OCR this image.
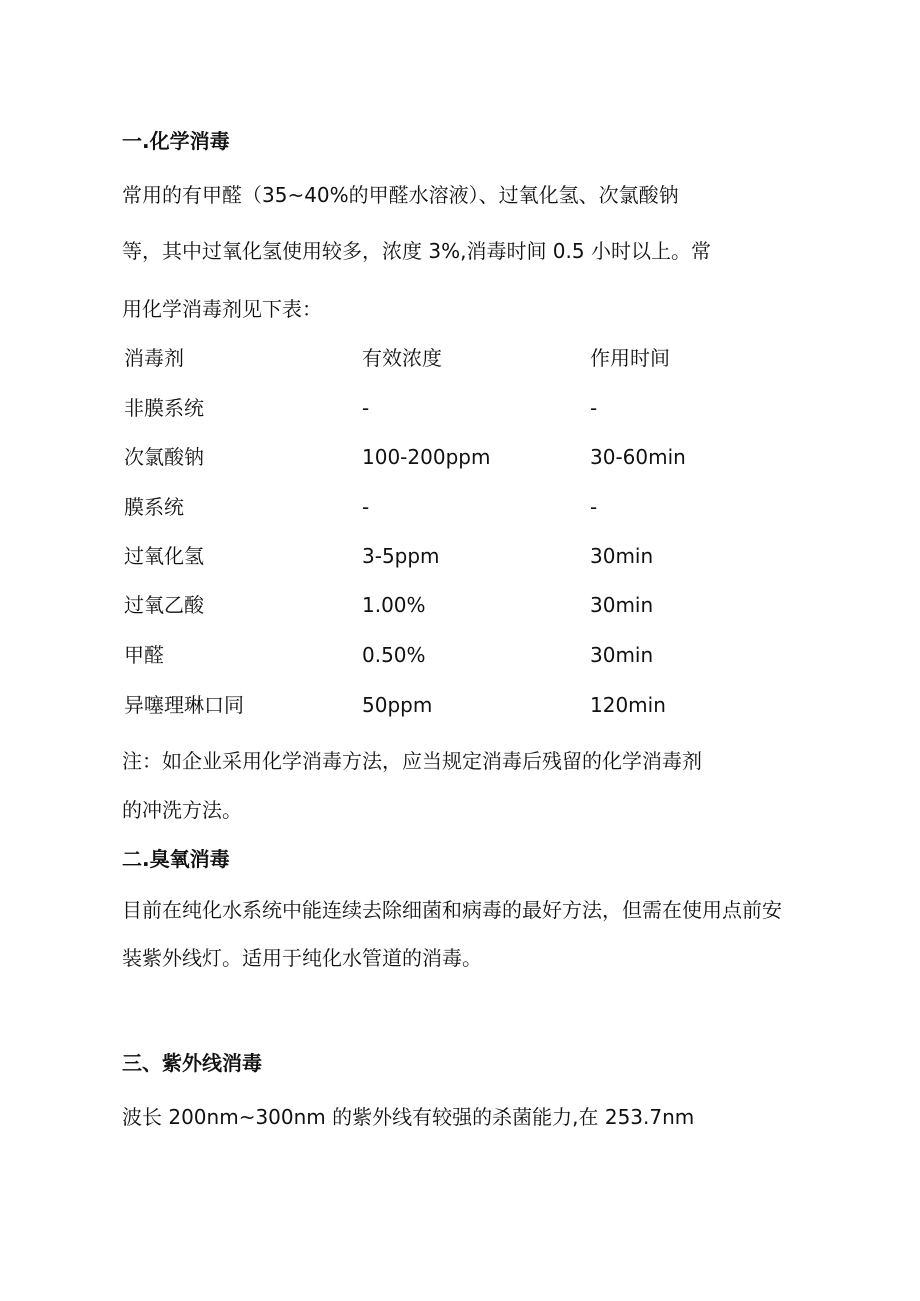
一.化学消毒
常用的有甲醛（35~40%的甲醛水溶液）、过氧化氢、次氯酸钠
等，其中过氧化氢使用较多，浓度 3%,消毒时间 0.5 小时以上。常
用化学消毒剂见下表：
消毒剂	有效浓度	作用时间
非膜系统	-	-
次氯酸钠	100-200ppm	30-60min
膜系统	-	-
过氧化氢	3-5ppm	30min
过氧乙酸	1.00%	30min
甲醛	0.50%	30min
异噻理琳口同	50ppm	120min
注：如企业采用化学消毒方法，应当规定消毒后残留的化学消毒剂
的冲洗方法。
二.臭氧消毒
目前在纯化水系统中能连续去除细菌和病毒的最好方法，但需在使用点前安
装紫外线灯。适用于纯化水管道的消毒。
三、紫外线消毒
波长 200nm~300nm 的紫外线有较强的杀菌能力,在 253.7nm
